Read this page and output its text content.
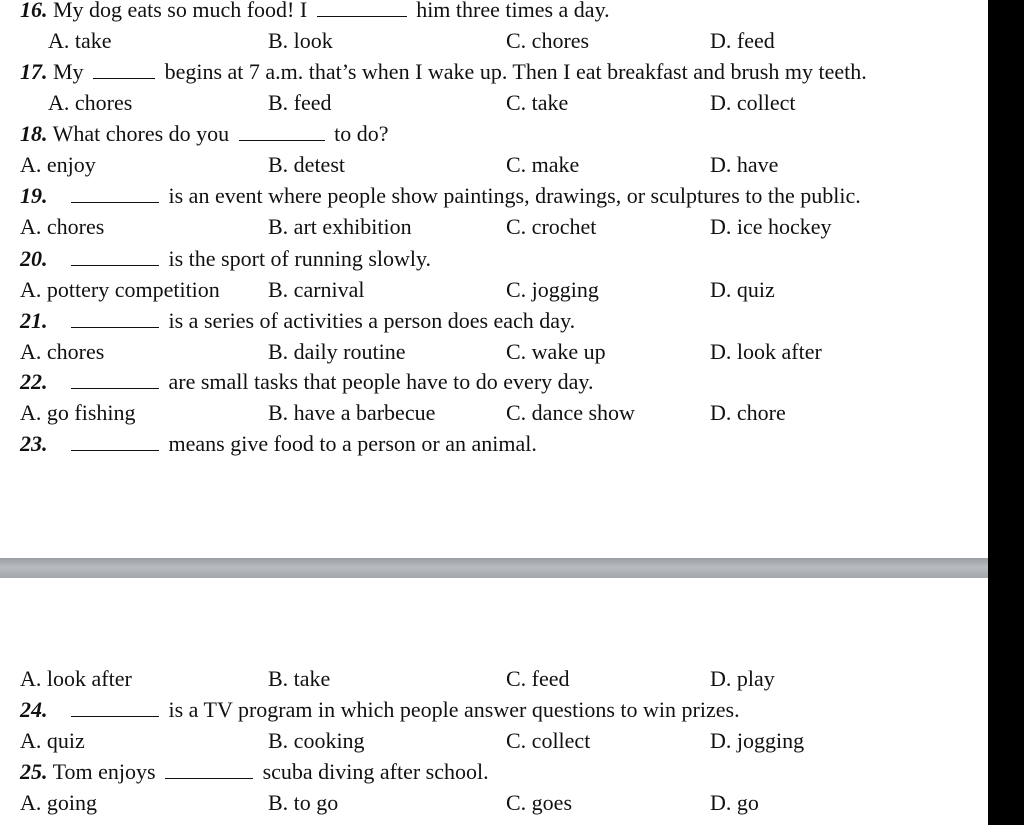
16. My dog eats so much food! I	him three times a day.
A. take	B. look	C. chores	D. feed
17. My	begins at 7 a.m. that’s when I wake up. Then I eat breakfast and brush my teeth.
A. chores	B. feed	C. take	D. collect
18. What chores do you	to do?
A. enjoy	B. detest	C. make	D. have
19.	is an event where people show paintings, drawings, or sculptures to the public.
A. chores	B. art exhibition	C. crochet	D. ice hockey
20.	is the sport of running slowly.
A. pottery competition B. carnival	C. jogging	D. quiz
21.	is a series of activities a person does each day.
A. chores	B. daily routine	C. wake up	D. look after
22.	are small tasks that people have to do every day.
A. go fishing	B. have a barbecue	C. dance show	D. chore
23.	means give food to a person or an animal.
A. look after	B. take	C. feed	D. play
24.	is a TV program in which people answer questions to win prizes.
A. quiz	B. cooking	C. collect	D. jogging
25. Tom enjoys	scuba diving after school.
A. going	B. to go	C. goes	D. go
